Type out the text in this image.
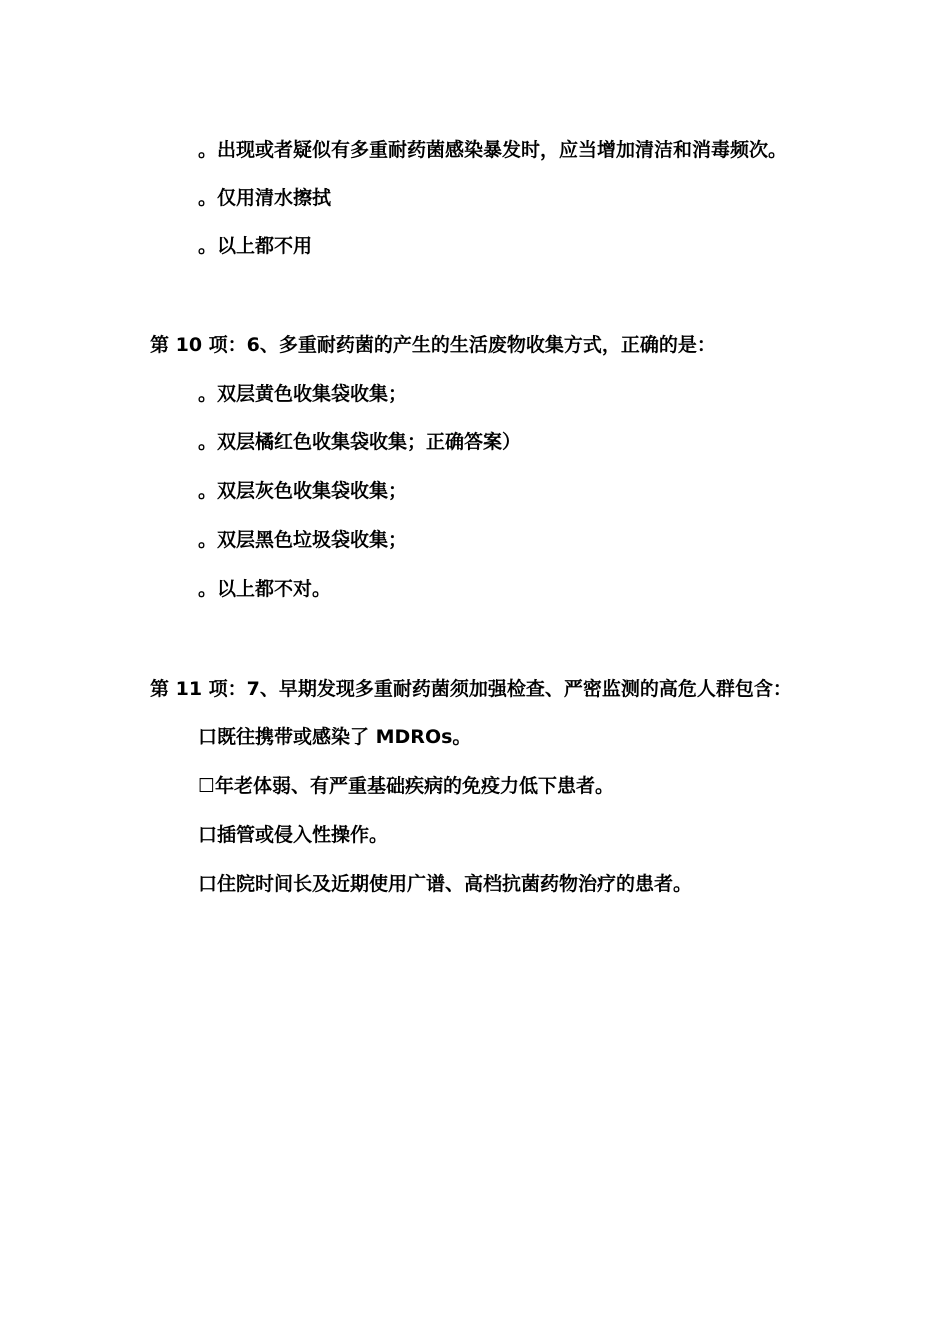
。出现或者疑似有多重耐药菌感染暴发时，应当增加清洁和消毒频次。
。仅用清水擦拭
。以上都不用
第 10 项：6、多重耐药菌的产生的生活废物收集方式，正确的是：
。双层黄色收集袋收集；
。双层橘红色收集袋收集；正确答案）
。双层灰色收集袋收集；
。双层黑色垃圾袋收集；
。以上都不对。
第 11 项：7、早期发现多重耐药菌须加强检查、严密监测的高危人群包含：
口既往携带或感染了 MDROs。
☐年老体弱、有严重基础疾病的免疫力低下患者。
口插管或侵入性操作。
口住院时间长及近期使用广谱、高档抗菌药物治疗的患者。
